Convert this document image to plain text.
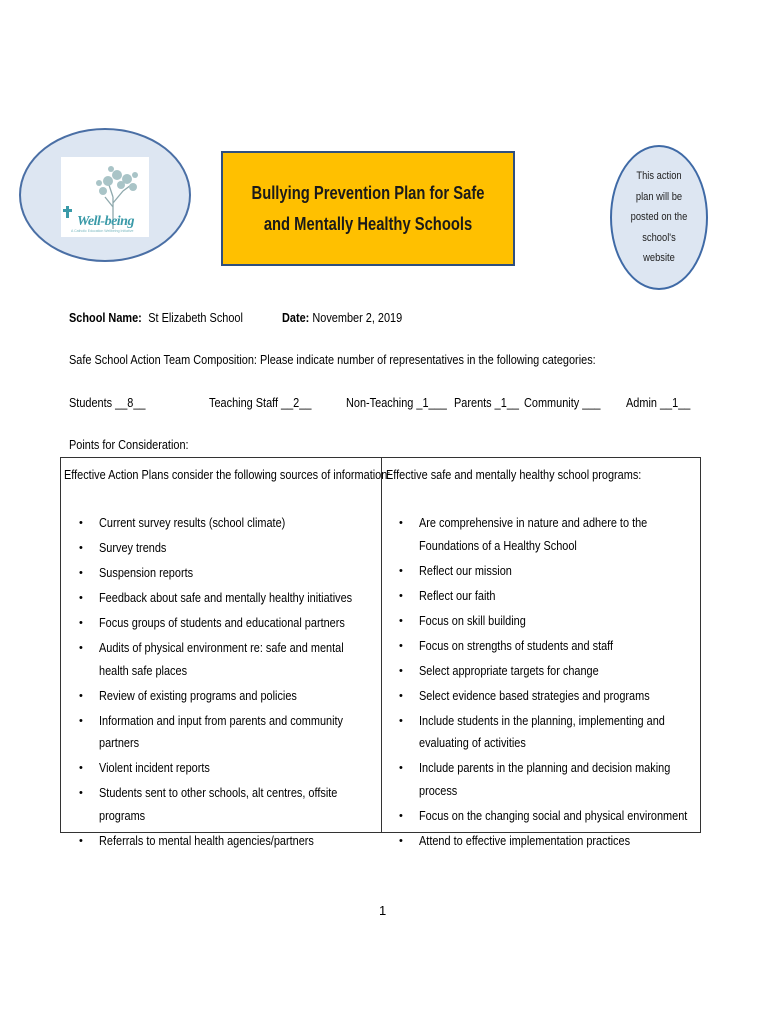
Well-being
A Catholic Education Wellbeing Initiative
Bullying Prevention Plan for Safe
and Mentally Healthy Schools
This action
plan will be
posted on the
school's
website
School Name: St Elizabeth School	Date: November 2, 2019
Safe School Action Team Composition: Please indicate number of representatives in the following categories:
Students __8__	Teaching Staff __2__	Non-Teaching _1___ Parents _1__ Community ___ Admin __1__
Points for Consideration:
Effective Action Plans consider the following sources of information:
• Current survey results (school climate)
• Survey trends
• Suspension reports
• Feedback about safe and mentally healthy initiatives
• Focus groups of students and educational partners
• Audits of physical environment re: safe and mental health safe places
• Review of existing programs and policies
• Information and input from parents and community partners
• Violent incident reports
• Students sent to other schools, alt centres, offsite programs
• Referrals to mental health agencies/partners
Effective safe and mentally healthy school programs:
• Are comprehensive in nature and adhere to the Foundations of a Healthy School
• Reflect our mission
• Reflect our faith
• Focus on skill building
• Focus on strengths of students and staff
• Select appropriate targets for change
• Select evidence based strategies and programs
• Include students in the planning, implementing and evaluating of activities
• Include parents in the planning and decision making process
• Focus on the changing social and physical environment
• Attend to effective implementation practices
1
